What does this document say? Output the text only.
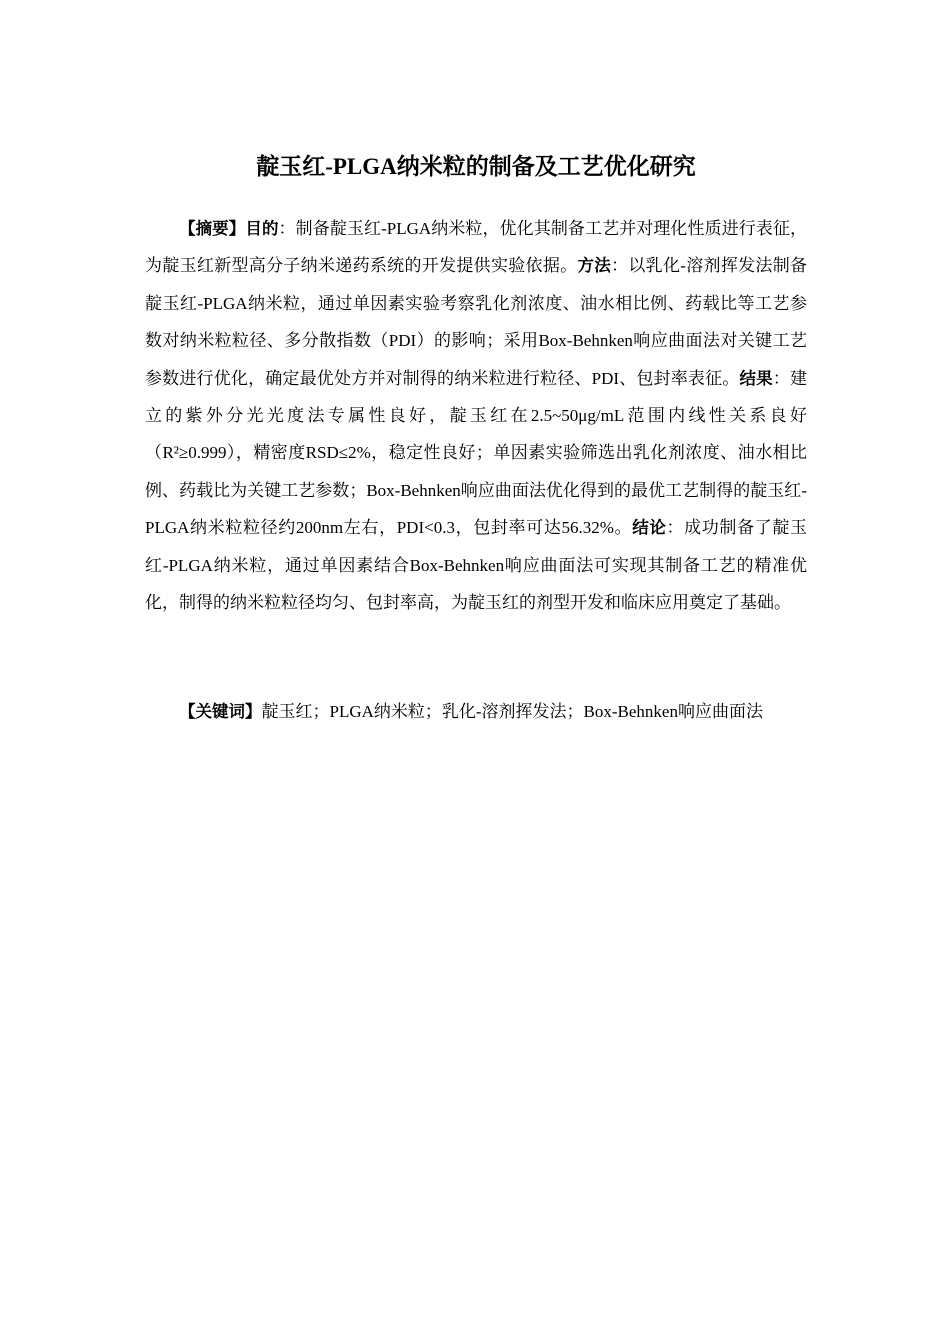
靛玉红-PLGA纳米粒的制备及工艺优化研究

【摘要】目的：制备靛玉红-PLGA纳米粒，优化其制备工艺并对理化性质进行表征，为靛玉红新型高分子纳米递药系统的开发提供实验依据。方法：以乳化-溶剂挥发法制备靛玉红-PLGA纳米粒，通过单因素实验考察乳化剂浓度、油水相比例、药载比等工艺参数对纳米粒粒径、多分散指数（PDI）的影响；采用Box-Behnken响应曲面法对关键工艺参数进行优化，确定最优处方并对制得的纳米粒进行粒径、PDI、包封率表征。结果：建立的紫外分光光度法专属性良好，靛玉红在2.5~50μg/mL范围内线性关系良好（R²≥0.999），精密度RSD≤2%，稳定性良好；单因素实验筛选出乳化剂浓度、油水相比例、药载比为关键工艺参数；Box-Behnken响应曲面法优化得到的最优工艺制得的靛玉红-PLGA纳米粒粒径约200nm左右，PDI<0.3，包封率可达56.32%。结论：成功制备了靛玉红-PLGA纳米粒，通过单因素结合Box-Behnken响应曲面法可实现其制备工艺的精准优化，制得的纳米粒粒径均匀、包封率高，为靛玉红的剂型开发和临床应用奠定了基础。

【关键词】靛玉红；PLGA纳米粒；乳化-溶剂挥发法；Box-Behnken响应曲面法
